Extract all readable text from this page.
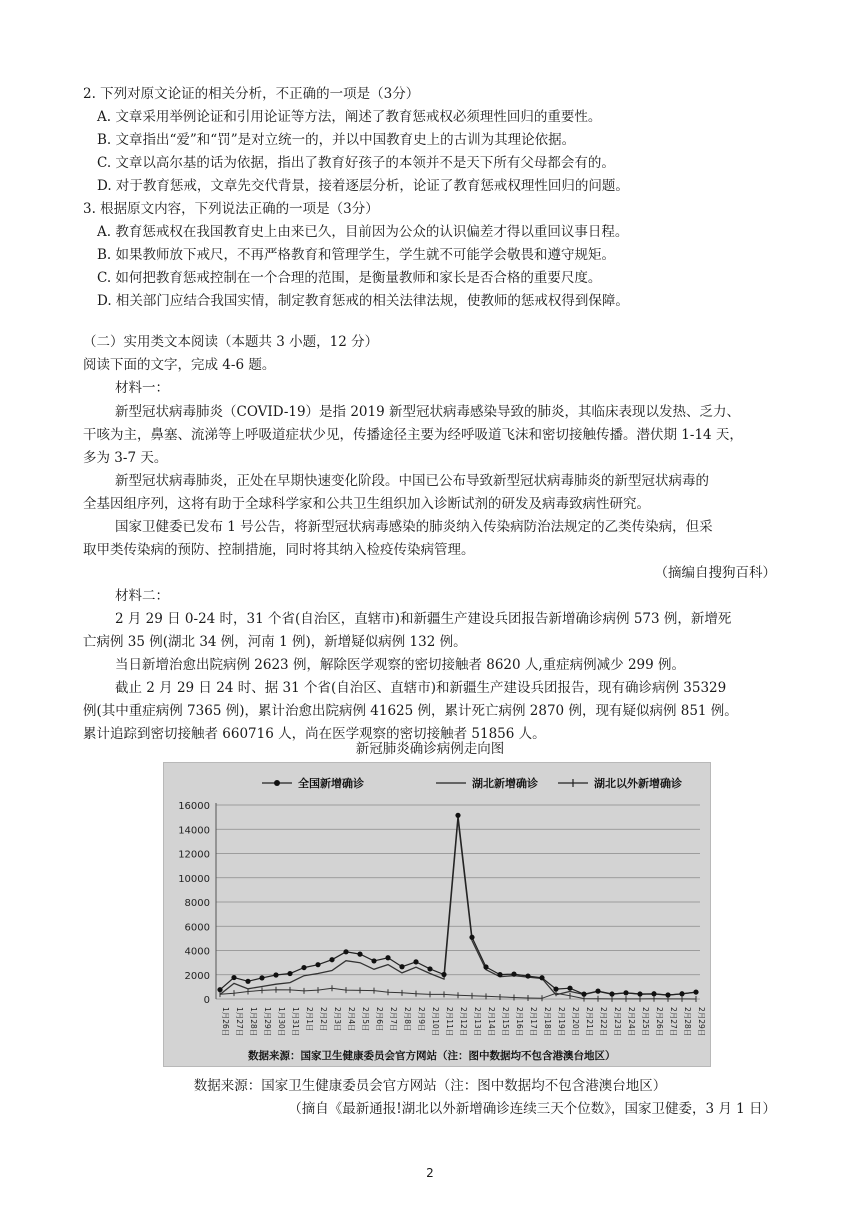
2. 下列对原文论证的相关分析，不正确的一项是（3分）
A. 文章采用举例论证和引用论证等方法，阐述了教育惩戒权必须理性回归的重要性。
B. 文章指出“爱”和“罚”是对立统一的，并以中国教育史上的古训为其理论依据。
C. 文章以高尔基的话为依据，指出了教育好孩子的本领并不是天下所有父母都会有的。
D. 对于教育惩戒，文章先交代背景，接着逐层分析，论证了教育惩戒权理性回归的问题。
3. 根据原文内容，下列说法正确的一项是（3分）
A. 教育惩戒权在我国教育史上由来已久，目前因为公众的认识偏差才得以重回议事日程。
B. 如果教师放下戒尺，不再严格教育和管理学生，学生就不可能学会敬畏和遵守规矩。
C. 如何把教育惩戒控制在一个合理的范围，是衡量教师和家长是否合格的重要尺度。
D. 相关部门应结合我国实情，制定教育惩戒的相关法律法规，使教师的惩戒权得到保障。
（二）实用类文本阅读（本题共 3 小题，12 分）
阅读下面的文字，完成 4-6 题。
材料一：
新型冠状病毒肺炎（COVID-19）是指 2019 新型冠状病毒感染导致的肺炎，其临床表现以发热、乏力、
干咳为主，鼻塞、流涕等上呼吸道症状少见，传播途径主要为经呼吸道飞沫和密切接触传播。潜伏期 1-14 天，
多为 3-7 天。
新型冠状病毒肺炎，正处在早期快速变化阶段。中国已公布导致新型冠状病毒肺炎的新型冠状病毒的
全基因组序列，这将有助于全球科学家和公共卫生组织加入诊断试剂的研发及病毒致病性研究。
国家卫健委已发布 1 号公告，将新型冠状病毒感染的肺炎纳入传染病防治法规定的乙类传染病，但采
取甲类传染病的预防、控制措施，同时将其纳入检疫传染病管理。
（摘编自搜狗百科）
材料二：
2 月 29 日 0-24 时，31 个省(自治区，直辖市)和新疆生产建设兵团报告新增确诊病例 573 例，新增死
亡病例 35 例(湖北 34 例，河南 1 例)，新增疑似病例 132 例。
当日新增治愈出院病例 2623 例，解除医学观察的密切接触者 8620 人,重症病例减少 299 例。
截止 2 月 29 日 24 时、据 31 个省(自治区、直辖市)和新疆生产建设兵团报告，现有确诊病例 35329
例(其中重症病例 7365 例)，累计治愈出院病例 41625 例，累计死亡病例 2870 例，现有疑似病例 851 例。
累计追踪到密切接触者 660716 人，尚在医学观察的密切接触者 51856 人。
新冠肺炎确诊病例走向图
0
2000
4000
6000
8000
10000
12000
14000
16000
1月26日 1月27日 1月28日 1月29日 1月30日 1月31日 2月1日 2月2日 2月3日 2月4日 2月5日 2月6日 2月7日 2月8日 2月9日 2月10日 2月11日 2月12日 2月13日 2月14日 2月15日 2月16日 2月17日 2月18日 2月19日 2月20日 2月21日 2月22日 2月23日 2月24日 2月25日 2月26日 2月27日 2月28日 2月29日
全国新增确诊	湖北新增确诊	湖北以外新增确诊
数据来源：国家卫生健康委员会官方网站（注：图中数据均不包含港澳台地区）
数据来源：国家卫生健康委员会官方网站（注：图中数据均不包含港澳台地区）
（摘自《最新通报!湖北以外新增确诊连续三天个位数》，国家卫健委，3 月 1 日）
2
